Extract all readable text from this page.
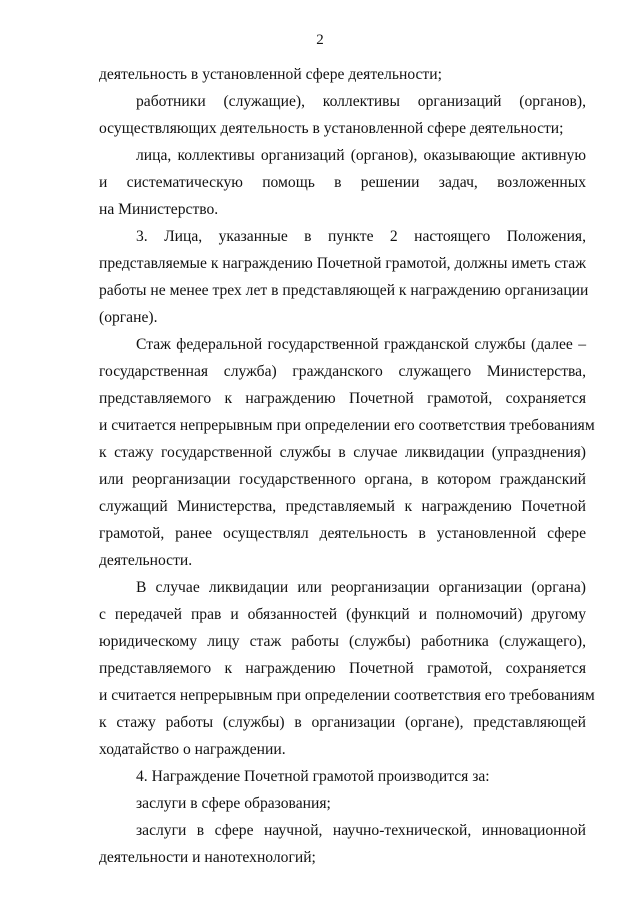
2
деятельность в установленной сфере деятельности;
работники (служащие), коллективы организаций (органов),
осуществляющих деятельность в установленной сфере деятельности;
лица, коллективы организаций (органов), оказывающие активную
и систематическую помощь в решении задач, возложенных
на Министерство.
3. Лица, указанные в пункте 2 настоящего Положения,
представляемые к награждению Почетной грамотой, должны иметь стаж
работы не менее трех лет в представляющей к награждению организации
(органе).
Стаж федеральной государственной гражданской службы (далее –
государственная служба) гражданского служащего Министерства,
представляемого к награждению Почетной грамотой, сохраняется
и считается непрерывным при определении его соответствия требованиям
к стажу государственной службы в случае ликвидации (упразднения)
или реорганизации государственного органа, в котором гражданский
служащий Министерства, представляемый к награждению Почетной
грамотой, ранее осуществлял деятельность в установленной сфере
деятельности.
В случае ликвидации или реорганизации организации (органа)
с передачей прав и обязанностей (функций и полномочий) другому
юридическому лицу стаж работы (службы) работника (служащего),
представляемого к награждению Почетной грамотой, сохраняется
и считается непрерывным при определении соответствия его требованиям
к стажу работы (службы) в организации (органе), представляющей
ходатайство о награждении.
4. Награждение Почетной грамотой производится за:
заслуги в сфере образования;
заслуги в сфере научной, научно-технической, инновационной
деятельности и нанотехнологий;
